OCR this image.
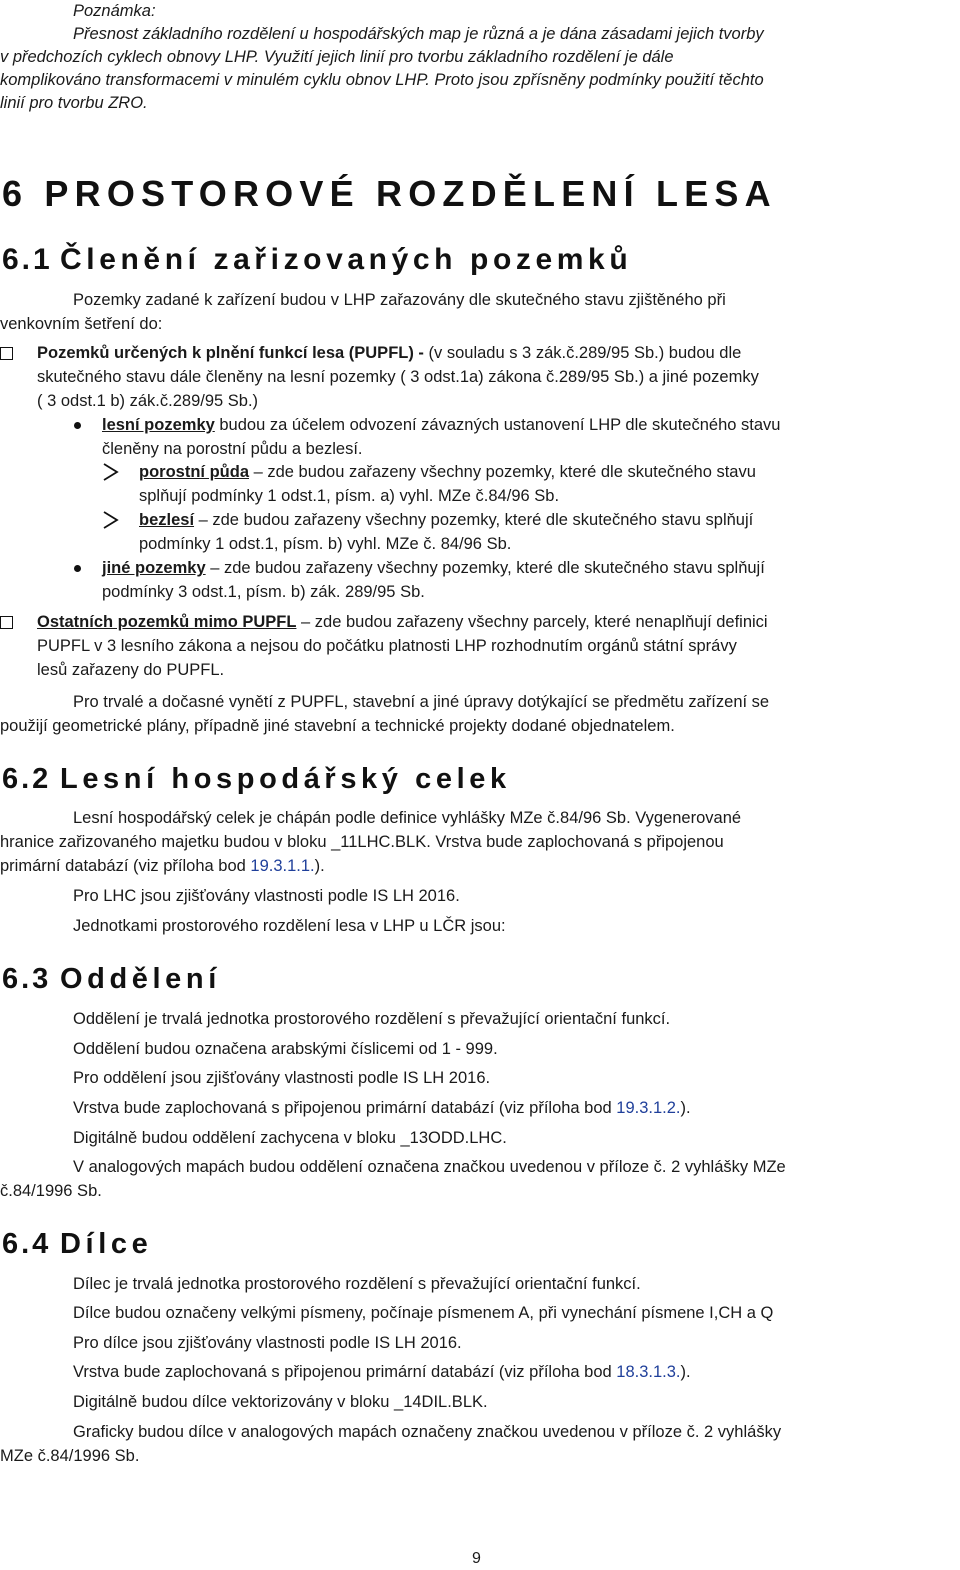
Poznámka:
Přesnost základního rozdělení u hospodářských map je různá a je dána zásadami jejich tvorby
v předchozích cyklech obnovy LHP. Využití jejich linií pro tvorbu základního rozdělení je dále
komplikováno transformacemi v minulém cyklu obnov LHP. Proto jsou zpřísněny podmínky použití těchto
linií pro tvorbu ZRO.
6 PROSTOROVÉ ROZDĚLENÍ LESA
6.1 Členění zařizovaných pozemků
Pozemky zadané k zařízení budou v LHP zařazovány dle skutečného stavu zjištěného při
venkovním šetření do:
Pozemků určených k plnění funkcí lesa (PUPFL) - (v souladu s 3 zák.č.289/95 Sb.) budou dle
skutečného stavu dále členěny na lesní pozemky ( 3 odst.1a) zákona č.289/95 Sb.) a jiné pozemky
( 3 odst.1 b) zák.č.289/95 Sb.)
lesní pozemky budou za účelem odvození závazných ustanovení LHP dle skutečného stavu
členěny na porostní půdu a bezlesí.
porostní půda – zde budou zařazeny všechny pozemky, které dle skutečného stavu
splňují podmínky 1 odst.1, písm. a) vyhl. MZe č.84/96 Sb.
bezlesí – zde budou zařazeny všechny pozemky, které dle skutečného stavu splňují
podmínky 1 odst.1, písm. b) vyhl. MZe č. 84/96 Sb.
jiné pozemky – zde budou zařazeny všechny pozemky, které dle skutečného stavu splňují
podmínky 3 odst.1, písm. b) zák. 289/95 Sb.
Ostatních pozemků mimo PUPFL – zde budou zařazeny všechny parcely, které nenaplňují definici
PUPFL v 3 lesního zákona a nejsou do počátku platnosti LHP rozhodnutím orgánů státní správy
lesů zařazeny do PUPFL.
Pro trvalé a dočasné vynětí z PUPFL, stavební a jiné úpravy dotýkající se předmětu zařízení se
použijí geometrické plány, případně jiné stavební a technické projekty dodané objednatelem.
6.2 Lesní hospodářský celek
Lesní hospodářský celek je chápán podle definice vyhlášky MZe č.84/96 Sb. Vygenerované
hranice zařizovaného majetku budou v bloku _11LHC.BLK. Vrstva bude zaplochovaná s připojenou
primární databází (viz příloha bod 19.3.1.1.).
Pro LHC jsou zjišťovány vlastnosti podle IS LH 2016.
Jednotkami prostorového rozdělení lesa v LHP u LČR jsou:
6.3 Oddělení
Oddělení je trvalá jednotka prostorového rozdělení s převažující orientační funkcí.
Oddělení budou označena arabskými číslicemi od 1 - 999.
Pro oddělení jsou zjišťovány vlastnosti podle IS LH 2016.
Vrstva bude zaplochovaná s připojenou primární databází (viz příloha bod 19.3.1.2.).
Digitálně budou oddělení zachycena v bloku _13ODD.LHC.
V analogových mapách budou oddělení označena značkou uvedenou v příloze č. 2 vyhlášky MZe
č.84/1996 Sb.
6.4 Dílce
Dílec je trvalá jednotka prostorového rozdělení s převažující orientační funkcí.
Dílce budou označeny velkými písmeny, počínaje písmenem A, při vynechání písmene I,CH a Q
Pro dílce jsou zjišťovány vlastnosti podle IS LH 2016.
Vrstva bude zaplochovaná s připojenou primární databází (viz příloha bod 18.3.1.3.).
Digitálně budou dílce vektorizovány v bloku _14DIL.BLK.
Graficky budou dílce v analogových mapách označeny značkou uvedenou v příloze č. 2 vyhlášky
MZe č.84/1996 Sb.
9
